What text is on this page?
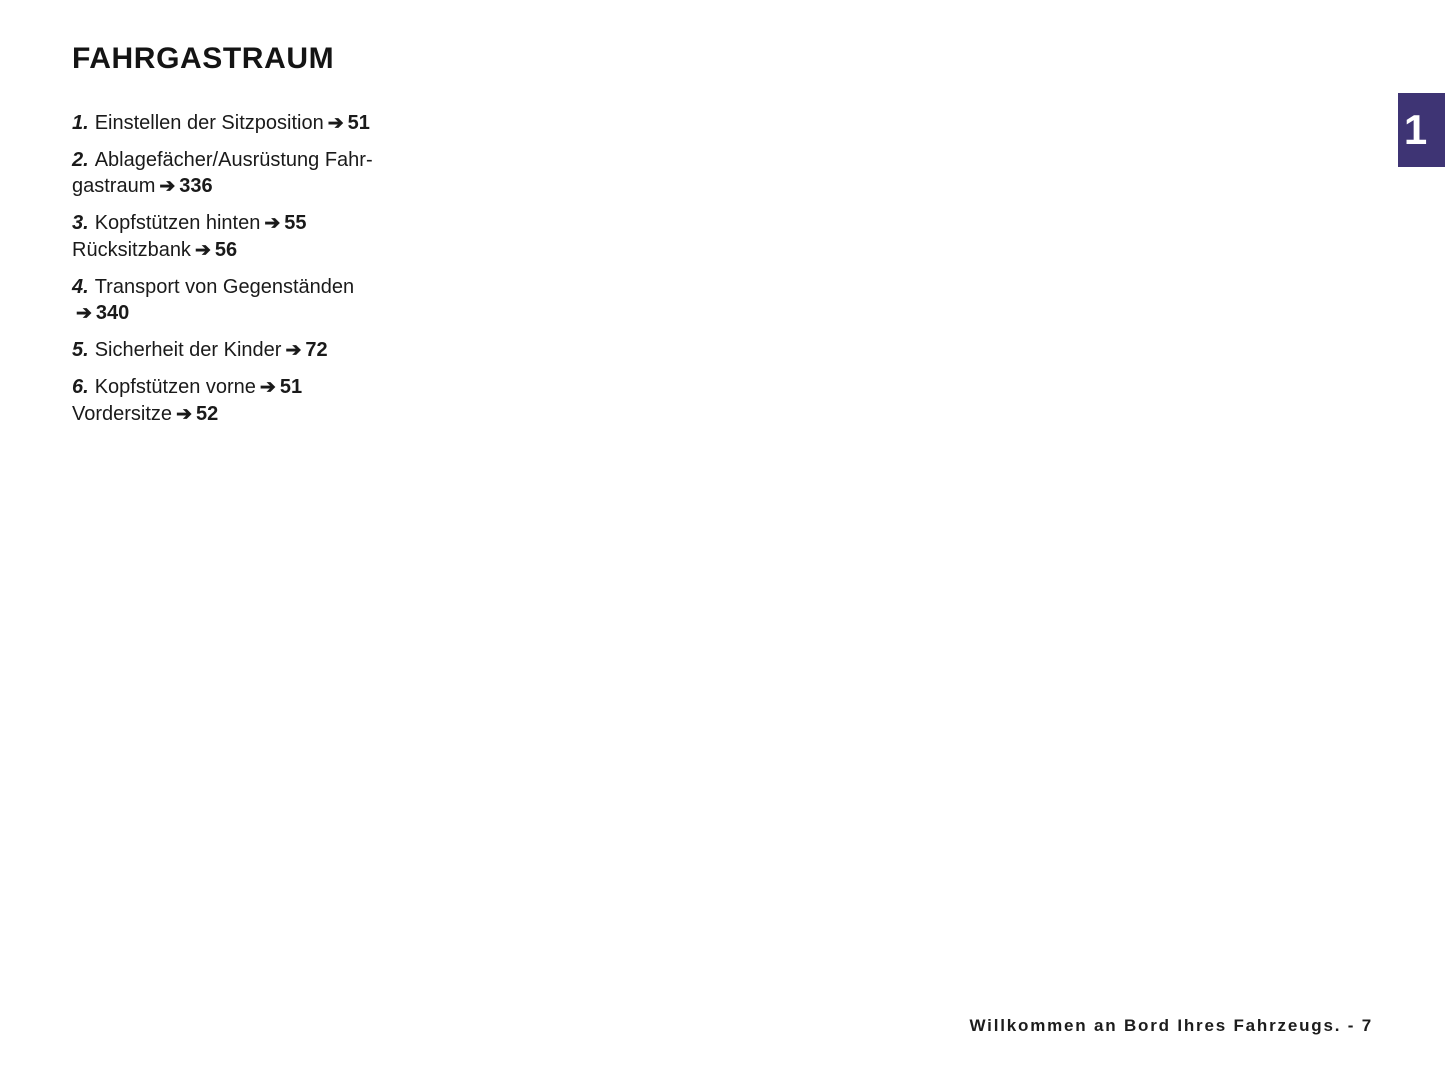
FAHRGASTRAUM
1. Einstellen der Sitzposition ➔ 51
2. Ablagefächer/Ausrüstung Fahr-
gastraum ➔ 336
3. Kopfstützen hinten ➔ 55
Rücksitzbank ➔ 56
4. Transport von Gegenständen
➔ 340
5. Sicherheit der Kinder ➔ 72
6. Kopfstützen vorne ➔ 51
Vordersitze ➔ 52
1
Willkommen an Bord Ihres Fahrzeugs. - 7
